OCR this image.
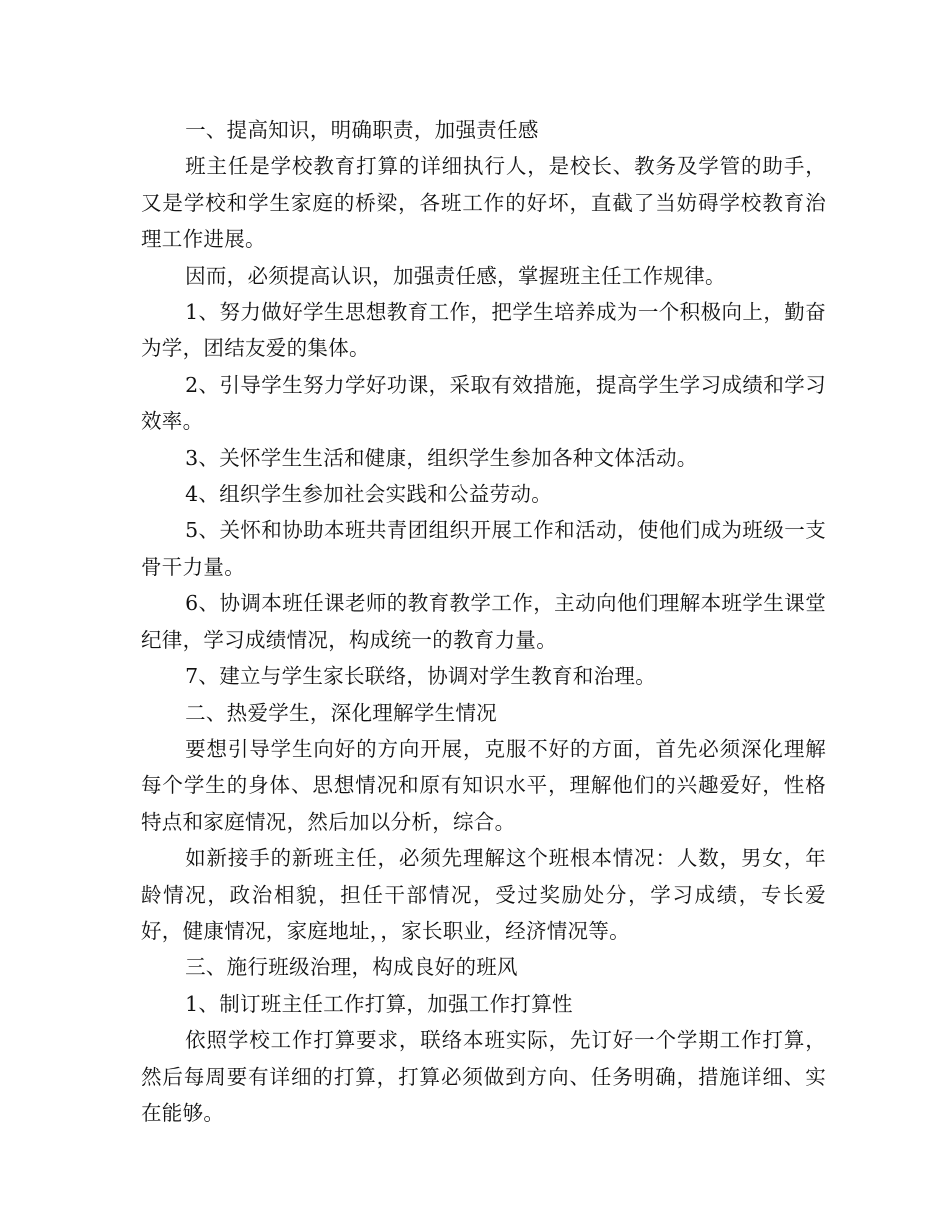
一、提高知识，明确职责，加强责任感

班主任是学校教育打算的详细执行人，是校长、教务及学管的助手，又是学校和学生家庭的桥梁，各班工作的好坏，直截了当妨碍学校教育治理工作进展。

因而，必须提高认识，加强责任感，掌握班主任工作规律。

1、努力做好学生思想教育工作，把学生培养成为一个积极向上，勤奋为学，团结友爱的集体。

2、引导学生努力学好功课，采取有效措施，提高学生学习成绩和学习效率。

3、关怀学生生活和健康，组织学生参加各种文体活动。

4、组织学生参加社会实践和公益劳动。

5、关怀和协助本班共青团组织开展工作和活动，使他们成为班级一支骨干力量。

6、协调本班任课老师的教育教学工作，主动向他们理解本班学生课堂纪律，学习成绩情况，构成统一的教育力量。

7、建立与学生家长联络，协调对学生教育和治理。

二、热爱学生，深化理解学生情况

要想引导学生向好的方向开展，克服不好的方面，首先必须深化理解每个学生的身体、思想情况和原有知识水平，理解他们的兴趣爱好，性格特点和家庭情况，然后加以分析，综合。

如新接手的新班主任，必须先理解这个班根本情况：人数，男女，年龄情况，政治相貌，担任干部情况，受过奖励处分，学习成绩，专长爱好，健康情况，家庭地址，，家长职业，经济情况等。

三、施行班级治理，构成良好的班风

1、制订班主任工作打算，加强工作打算性

依照学校工作打算要求，联络本班实际，先订好一个学期工作打算，然后每周要有详细的打算，打算必须做到方向、任务明确，措施详细、实在能够。
